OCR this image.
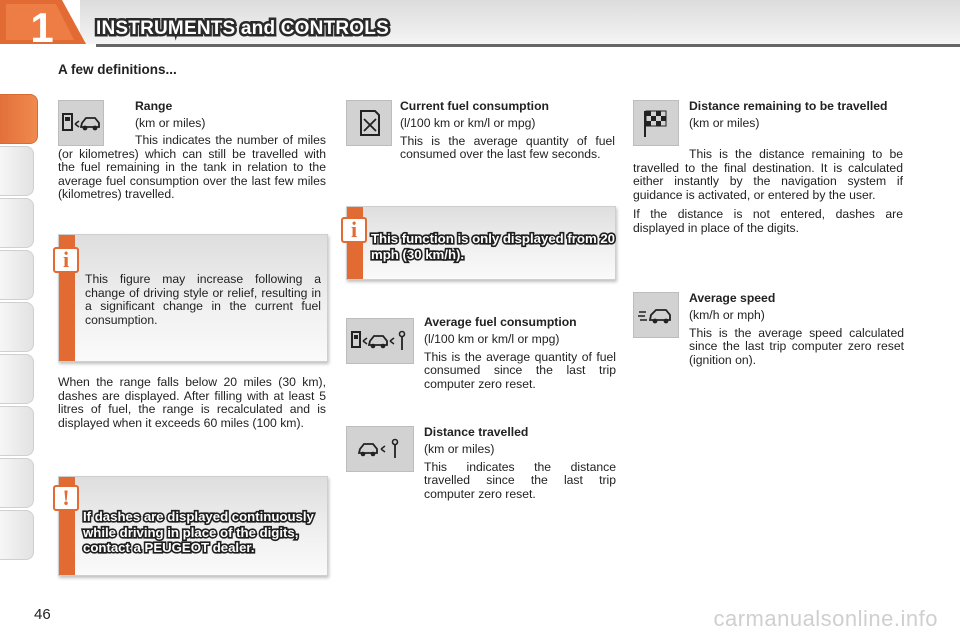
1	INSTRUMENTS and CONTROLS
A few definitions...
Range

(km or miles)

This indicates the number of miles (or kilometres) which can still be travelled with the fuel remaining in the tank in relation to the average fuel consumption over the last few miles (kilometres) travelled.
i
This figure may increase following a change of driving style or relief, resulting in a significant change in the current fuel consumption.
When the range falls below 20 miles (30 km), dashes are displayed. After filling with at least 5 litres of fuel, the range is recalculated and is displayed when it exceeds 60 miles (100 km).
!
If dashes are displayed continuously while driving in place of the digits, contact a PEUGEOT dealer.
Current fuel consumption

(l/100 km or km/l or mpg)

This is the average quantity of fuel consumed over the last few seconds.

i	This function is only displayed from 20 mph (30 km/h).
Average fuel consumption

(l/100 km or km/l or mpg)

This is the average quantity of fuel consumed since the last trip computer zero reset.

Distance travelled

(km or miles)

This indicates the distance travelled since the last trip computer zero reset.

Distance remaining to be travelled

(km or miles)

This is the distance remaining to be travelled to the final destination. It is calculated either instantly by the navigation system if guidance is activated, or entered by the user.

If the distance is not entered, dashes are displayed in place of the digits.

Average speed

(km/h or mph)

This is the average speed calculated since the last trip computer zero reset (ignition on).

46	carmanualsonline.info
